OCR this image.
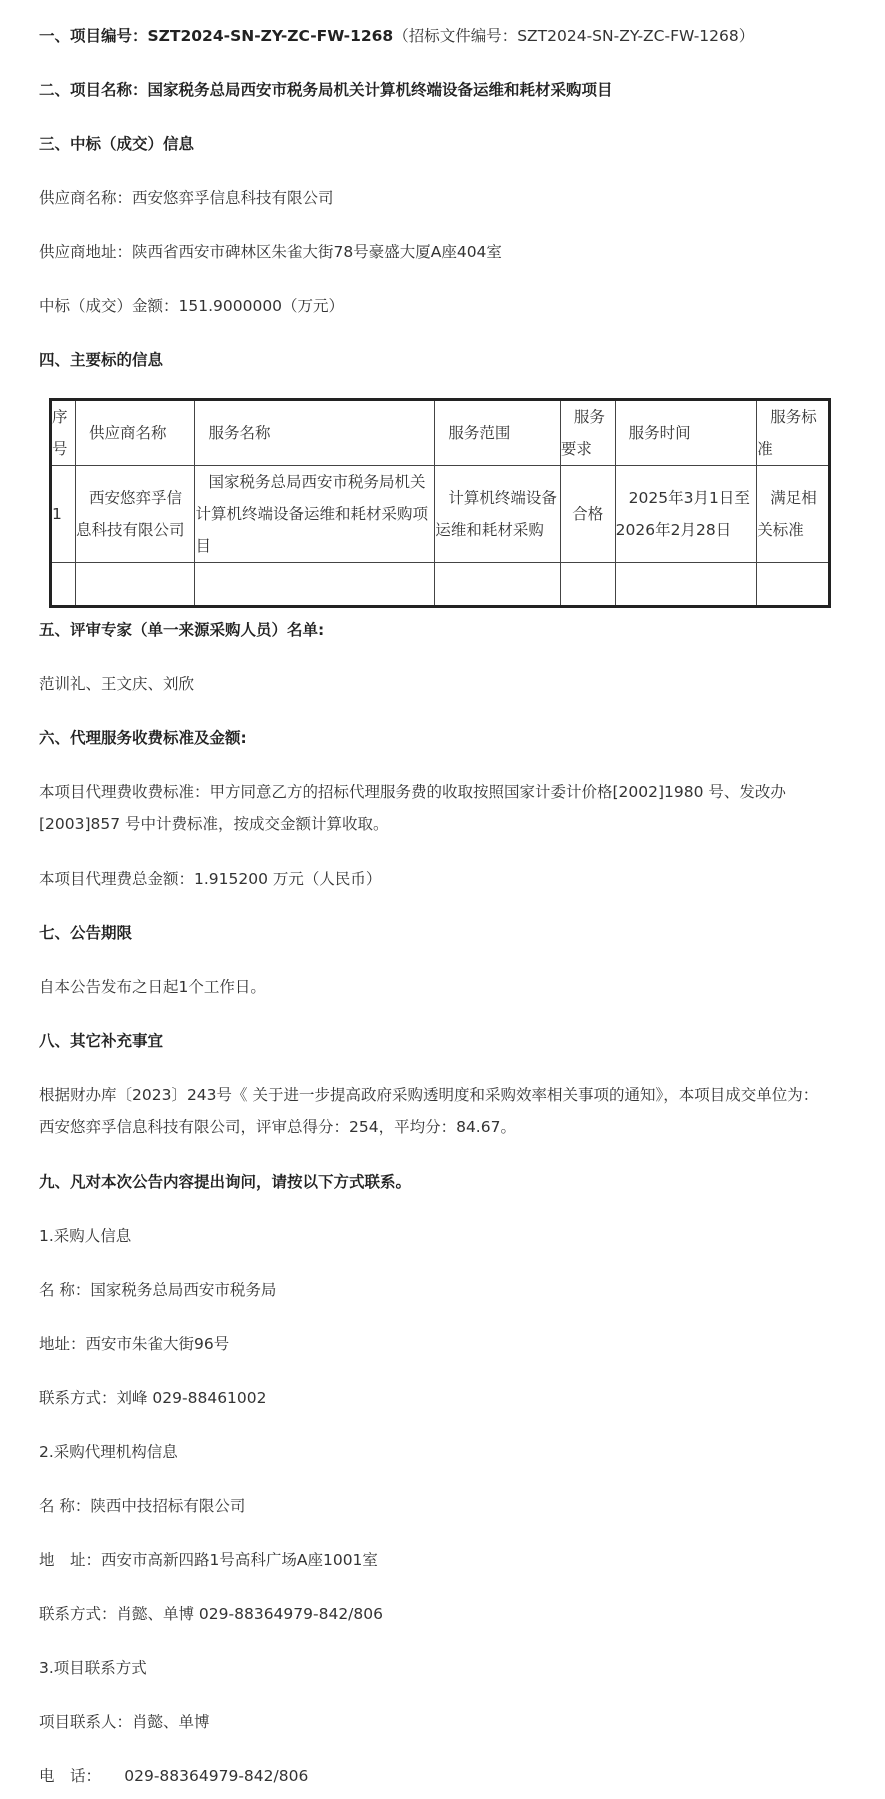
一、项目编号：SZT2024-SN-ZY-ZC-FW-1268（招标文件编号：SZT2024-SN-ZY-ZC-FW-1268）
二、项目名称：国家税务总局西安市税务局机关计算机终端设备运维和耗材采购项目
三、中标（成交）信息
供应商名称：西安悠弈孚信息科技有限公司
供应商地址：陕西省西安市碑林区朱雀大街78号豪盛大厦A座404室
中标（成交）金额：151.9000000（万元）
四、主要标的信息
序号	供应商名称	服务名称	服务范围	服务要求	服务时间	服务标准
1	西安悠弈孚信息科技有限公司	国家税务总局西安市税务局机关计算机终端设备运维和耗材采购项目	计算机终端设备运维和耗材采购	合格	2025年3月1日至2026年2月28日	满足相关标准

五、评审专家（单一来源采购人员）名单:
范训礼、王文庆、刘欣
六、代理服务收费标准及金额:
本项目代理费收费标准：甲方同意乙方的招标代理服务费的收取按照国家计委计价格[2002]1980 号、发改办[2003]857 号中计费标准，按成交金额计算收取。
本项目代理费总金额：1.915200 万元（人民币）
七、公告期限
自本公告发布之日起1个工作日。
八、其它补充事宜
根据财办库〔2023〕243号《 关于进一步提高政府采购透明度和采购效率相关事项的通知》，本项目成交单位为：西安悠弈孚信息科技有限公司，评审总得分：254，平均分：84.67。
九、凡对本次公告内容提出询问，请按以下方式联系。
1.采购人信息
名 称：国家税务总局西安市税务局
地址：西安市朱雀大街96号
联系方式：刘峰 029-88461002
2.采购代理机构信息
名 称：陕西中技招标有限公司
地　址：西安市高新四路1号高科广场A座1001室
联系方式：肖懿、单博 029-88364979-842/806
3.项目联系方式
项目联系人：肖懿、单博
电　话：　　029-88364979-842/806
